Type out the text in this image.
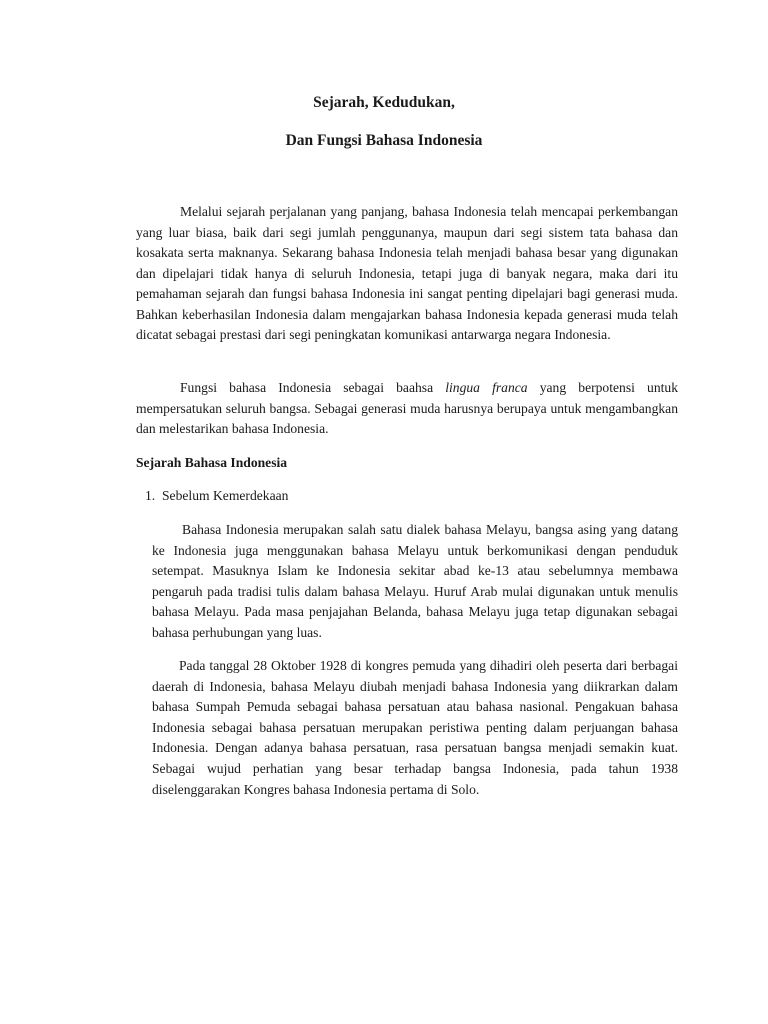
Sejarah, Kedudukan,
Dan Fungsi Bahasa Indonesia

Melalui sejarah perjalanan yang panjang, bahasa Indonesia telah mencapai perkembangan yang luar biasa, baik dari segi jumlah penggunanya, maupun dari segi sistem tata bahasa dan kosakata serta maknanya. Sekarang bahasa Indonesia telah menjadi bahasa besar yang digunakan dan dipelajari tidak hanya di seluruh Indonesia, tetapi juga di banyak negara, maka dari itu pemahaman sejarah dan fungsi bahasa Indonesia ini sangat penting dipelajari bagi generasi muda. Bahkan keberhasilan Indonesia dalam mengajarkan bahasa Indonesia kepada generasi muda telah dicatat sebagai prestasi dari segi peningkatan komunikasi antarwarga negara Indonesia.

Fungsi bahasa Indonesia sebagai baahsa lingua franca yang berpotensi untuk mempersatukan seluruh bangsa. Sebagai generasi muda harusnya berupaya untuk mengambangkan dan melestarikan bahasa Indonesia.

Sejarah Bahasa Indonesia

1. Sebelum Kemerdekaan

Bahasa Indonesia merupakan salah satu dialek bahasa Melayu, bangsa asing yang datang ke Indonesia juga menggunakan bahasa Melayu untuk berkomunikasi dengan penduduk setempat. Masuknya Islam ke Indonesia sekitar abad ke-13 atau sebelumnya membawa pengaruh pada tradisi tulis dalam bahasa Melayu. Huruf Arab mulai digunakan untuk menulis bahasa Melayu. Pada masa penjajahan Belanda, bahasa Melayu juga tetap digunakan sebagai bahasa perhubungan yang luas.

Pada tanggal 28 Oktober 1928 di kongres pemuda yang dihadiri oleh peserta dari berbagai daerah di Indonesia, bahasa Melayu diubah menjadi bahasa Indonesia yang diikrarkan dalam bahasa Sumpah Pemuda sebagai bahasa persatuan atau bahasa nasional. Pengakuan bahasa Indonesia sebagai bahasa persatuan merupakan peristiwa penting dalam perjuangan bahasa Indonesia. Dengan adanya bahasa persatuan, rasa persatuan bangsa menjadi semakin kuat. Sebagai wujud perhatian yang besar terhadap bangsa Indonesia, pada tahun 1938 diselenggarakan Kongres bahasa Indonesia pertama di Solo.
